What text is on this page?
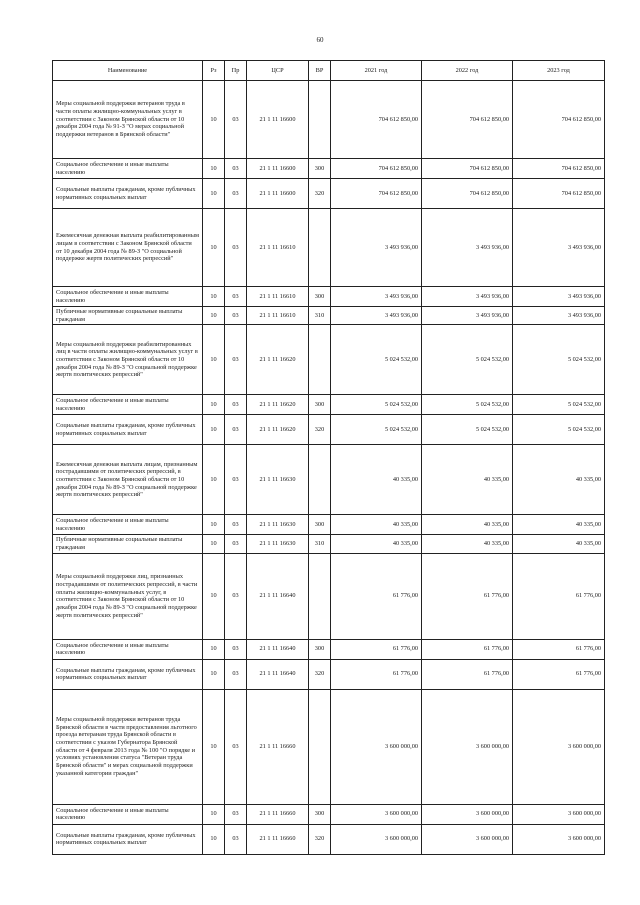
60
Наименование	Рз	Пр	ЦСР	ВР	2021 год	2022 год	2023 год
Меры социальной поддержки ветеранов труда в части оплаты жилищно-коммунальных услуг в соответствии с Законом Брянской области от 10 декабря 2004 года № 91-З "О мерах социальной поддержки ветеранов в Брянской области"	10	03	21 1 11 16600		704 612 850,00	704 612 850,00	704 612 850,00
Социальное обеспечение и иные выплаты населению	10	03	21 1 11 16600	300	704 612 850,00	704 612 850,00	704 612 850,00
Социальные выплаты гражданам, кроме публичных нормативных социальных выплат	10	03	21 1 11 16600	320	704 612 850,00	704 612 850,00	704 612 850,00
Ежемесячная денежная выплата реабилитированным лицам в соответствии с Законом Брянской области от 10 декабря 2004 года № 89-З "О социальной поддержке жертв политических репрессий"	10	03	21 1 11 16610		3 493 936,00	3 493 936,00	3 493 936,00
Социальное обеспечение и иные выплаты населению	10	03	21 1 11 16610	300	3 493 936,00	3 493 936,00	3 493 936,00
Публичные нормативные социальные выплаты гражданам	10	03	21 1 11 16610	310	3 493 936,00	3 493 936,00	3 493 936,00
Меры социальной поддержки реабилитированных лиц в части оплаты жилищно-коммунальных услуг в соответствии с Законом Брянской области от 10 декабря 2004 года № 89-З "О социальной поддержке жертв политических репрессий"	10	03	21 1 11 16620		5 024 532,00	5 024 532,00	5 024 532,00
Социальное обеспечение и иные выплаты населению	10	03	21 1 11 16620	300	5 024 532,00	5 024 532,00	5 024 532,00
Социальные выплаты гражданам, кроме публичных нормативных социальных выплат	10	03	21 1 11 16620	320	5 024 532,00	5 024 532,00	5 024 532,00
Ежемесячная денежная выплата лицам, признанным пострадавшими от политических репрессий, в соответствии с Законом Брянской области от 10 декабря 2004 года № 89-З "О социальной поддержке жертв политических репрессий"	10	03	21 1 11 16630		40 335,00	40 335,00	40 335,00
Социальное обеспечение и иные выплаты населению	10	03	21 1 11 16630	300	40 335,00	40 335,00	40 335,00
Публичные нормативные социальные выплаты гражданам	10	03	21 1 11 16630	310	40 335,00	40 335,00	40 335,00
Меры социальной поддержки лиц, признанных пострадавшими от политических репрессий, в части оплаты жилищно-коммунальных услуг, в соответствии с Законом Брянской области от 10 декабря 2004 года № 89-З "О социальной поддержке жертв политических репрессий"	10	03	21 1 11 16640		61 776,00	61 776,00	61 776,00
Социальное обеспечение и иные выплаты населению	10	03	21 1 11 16640	300	61 776,00	61 776,00	61 776,00
Социальные выплаты гражданам, кроме публичных нормативных социальных выплат	10	03	21 1 11 16640	320	61 776,00	61 776,00	61 776,00
Меры социальной поддержки ветеранов труда Брянской области в части предоставления льготного проезда ветеранам труда Брянской области в соответствии с указом Губернатора Брянской области от 4 февраля 2013 года № 100 "О порядке и условиях установления статуса "Ветеран труда Брянской области" и мерах социальной поддержки указанной категории граждан"	10	03	21 1 11 16660		3 600 000,00	3 600 000,00	3 600 000,00
Социальное обеспечение и иные выплаты населению	10	03	21 1 11 16660	300	3 600 000,00	3 600 000,00	3 600 000,00
Социальные выплаты гражданам, кроме публичных нормативных социальных выплат	10	03	21 1 11 16660	320	3 600 000,00	3 600 000,00	3 600 000,00
